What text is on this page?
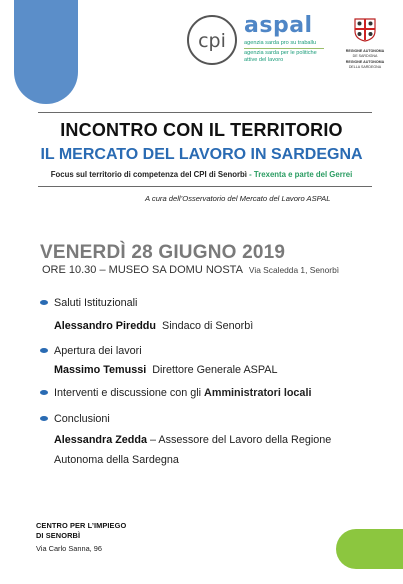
cpi
aspal
agenzia sarda pro su traballu
agenzia sarda per le politiche
attive del lavoro
REGIONE AUTONOMA
DE SARDIGNA
REGIONE AUTONOMA
DELLA SARDEGNA
INCONTRO CON IL TERRITORIO
IL MERCATO DEL LAVORO IN SARDEGNA
Focus sul territorio di competenza del CPI di Senorbì - Trexenta e parte del Gerrei
A cura dell’Osservatorio del Mercato del Lavoro ASPAL
VENERDÌ 28 GIUGNO 2019
ORE 10.30 – MUSEO SA DOMU NOSTA Via Scaledda 1, Senorbì
Saluti Istituzionali
Alessandro Pireddu Sindaco di Senorbì
Apertura dei lavori
Massimo Temussi Direttore Generale ASPAL
Interventi e discussione con gli Amministratori locali
Conclusioni
Alessandra Zedda – Assessore del Lavoro della Regione
Autonoma della Sardegna
CENTRO PER L’IMPIEGO
DI SENORBÌ
Via Carlo Sanna, 96
